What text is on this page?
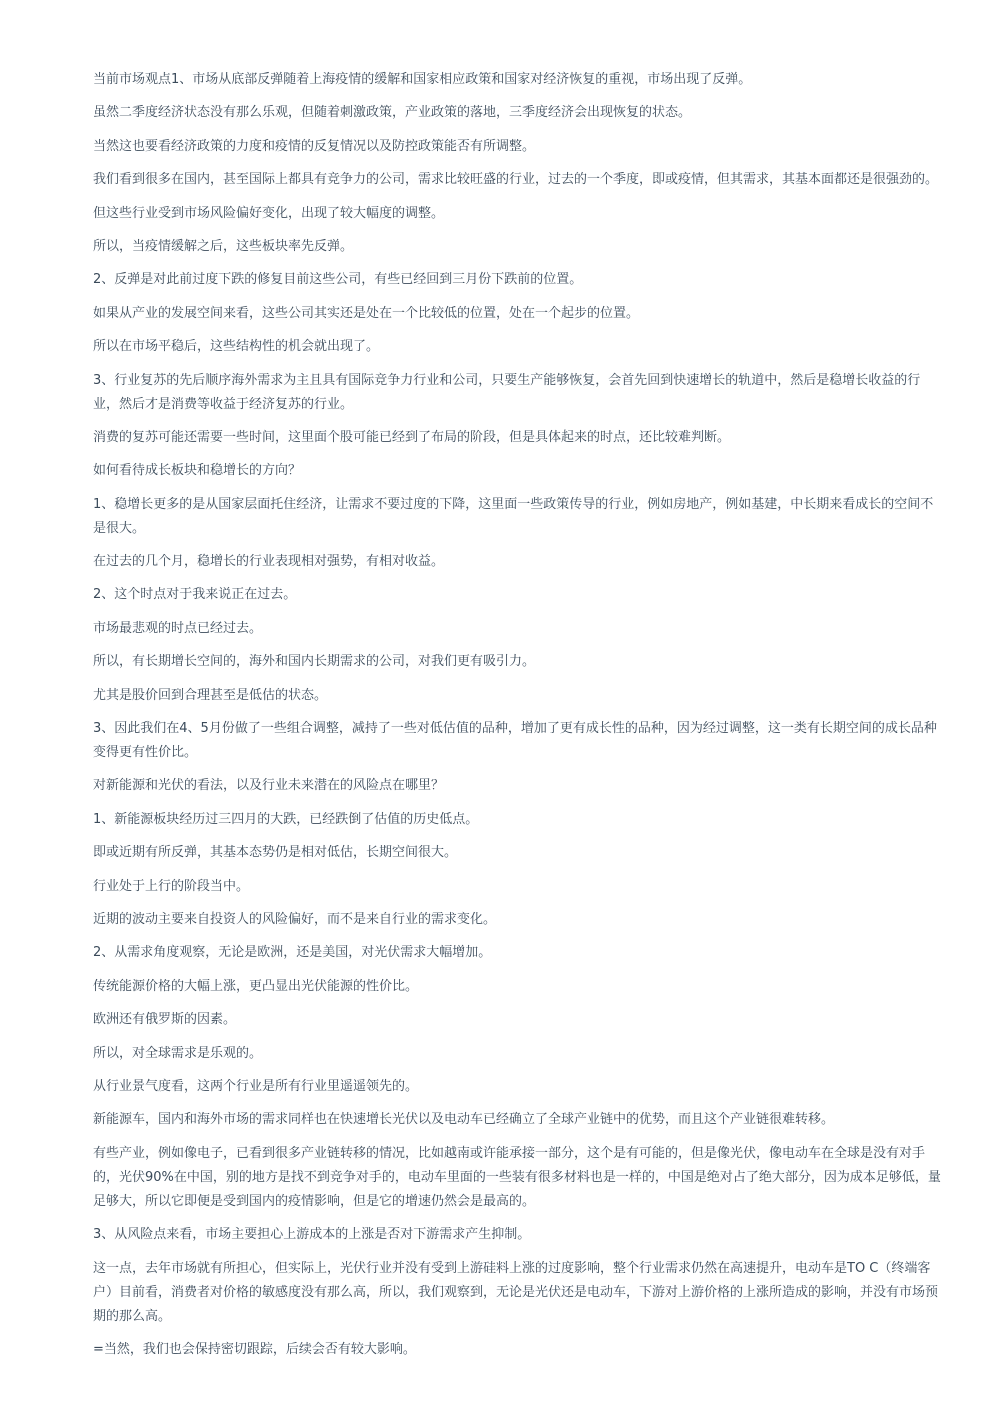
当前市场观点1、市场从底部反弹随着上海疫情的缓解和国家相应政策和国家对经济恢复的重视，市场出现了反弹。

虽然二季度经济状态没有那么乐观，但随着刺激政策，产业政策的落地，三季度经济会出现恢复的状态。

当然这也要看经济政策的力度和疫情的反复情况以及防控政策能否有所调整。

我们看到很多在国内，甚至国际上都具有竞争力的公司，需求比较旺盛的行业，过去的一个季度，即或疫情，但其需求，其基本面都还是很强劲的。

但这些行业受到市场风险偏好变化，出现了较大幅度的调整。

所以，当疫情缓解之后，这些板块率先反弹。

2、反弹是对此前过度下跌的修复目前这些公司，有些已经回到三月份下跌前的位置。

如果从产业的发展空间来看，这些公司其实还是处在一个比较低的位置，处在一个起步的位置。

所以在市场平稳后，这些结构性的机会就出现了。

3、行业复苏的先后顺序海外需求为主且具有国际竞争力行业和公司，只要生产能够恢复，会首先回到快速增长的轨道中，然后是稳增长收益的行业，然后才是消费等收益于经济复苏的行业。

消费的复苏可能还需要一些时间，这里面个股可能已经到了布局的阶段，但是具体起来的时点，还比较难判断。

如何看待成长板块和稳增长的方向？

1、稳增长更多的是从国家层面托住经济，让需求不要过度的下降，这里面一些政策传导的行业，例如房地产，例如基建，中长期来看成长的空间不是很大。

在过去的几个月，稳增长的行业表现相对强势，有相对收益。

2、这个时点对于我来说正在过去。

市场最悲观的时点已经过去。

所以，有长期增长空间的，海外和国内长期需求的公司，对我们更有吸引力。

尤其是股价回到合理甚至是低估的状态。

3、因此我们在4、5月份做了一些组合调整，减持了一些对低估值的品种，增加了更有成长性的品种，因为经过调整，这一类有长期空间的成长品种变得更有性价比。

对新能源和光伏的看法，以及行业未来潜在的风险点在哪里？

1、新能源板块经历过三四月的大跌，已经跌倒了估值的历史低点。

即或近期有所反弹，其基本态势仍是相对低估，长期空间很大。

行业处于上行的阶段当中。

近期的波动主要来自投资人的风险偏好，而不是来自行业的需求变化。

2、从需求角度观察，无论是欧洲，还是美国，对光伏需求大幅增加。

传统能源价格的大幅上涨，更凸显出光伏能源的性价比。

欧洲还有俄罗斯的因素。

所以，对全球需求是乐观的。

从行业景气度看，这两个行业是所有行业里遥遥领先的。

新能源车，国内和海外市场的需求同样也在快速增长光伏以及电动车已经确立了全球产业链中的优势，而且这个产业链很难转移。

有些产业，例如像电子，已看到很多产业链转移的情况，比如越南或许能承接一部分，这个是有可能的，但是像光伏，像电动车在全球是没有对手的，光伏90%在中国，别的地方是找不到竞争对手的，电动车里面的一些装有很多材料也是一样的，中国是绝对占了绝大部分，因为成本足够低，量足够大，所以它即便是受到国内的疫情影响，但是它的增速仍然会是最高的。

3、从风险点来看，市场主要担心上游成本的上涨是否对下游需求产生抑制。

这一点，去年市场就有所担心，但实际上，光伏行业并没有受到上游硅料上涨的过度影响，整个行业需求仍然在高速提升，电动车是TO C（终端客户）目前看，消费者对价格的敏感度没有那么高，所以，我们观察到，无论是光伏还是电动车，下游对上游价格的上涨所造成的影响，并没有市场预期的那么高。

=当然，我们也会保持密切跟踪，后续会否有较大影响。
